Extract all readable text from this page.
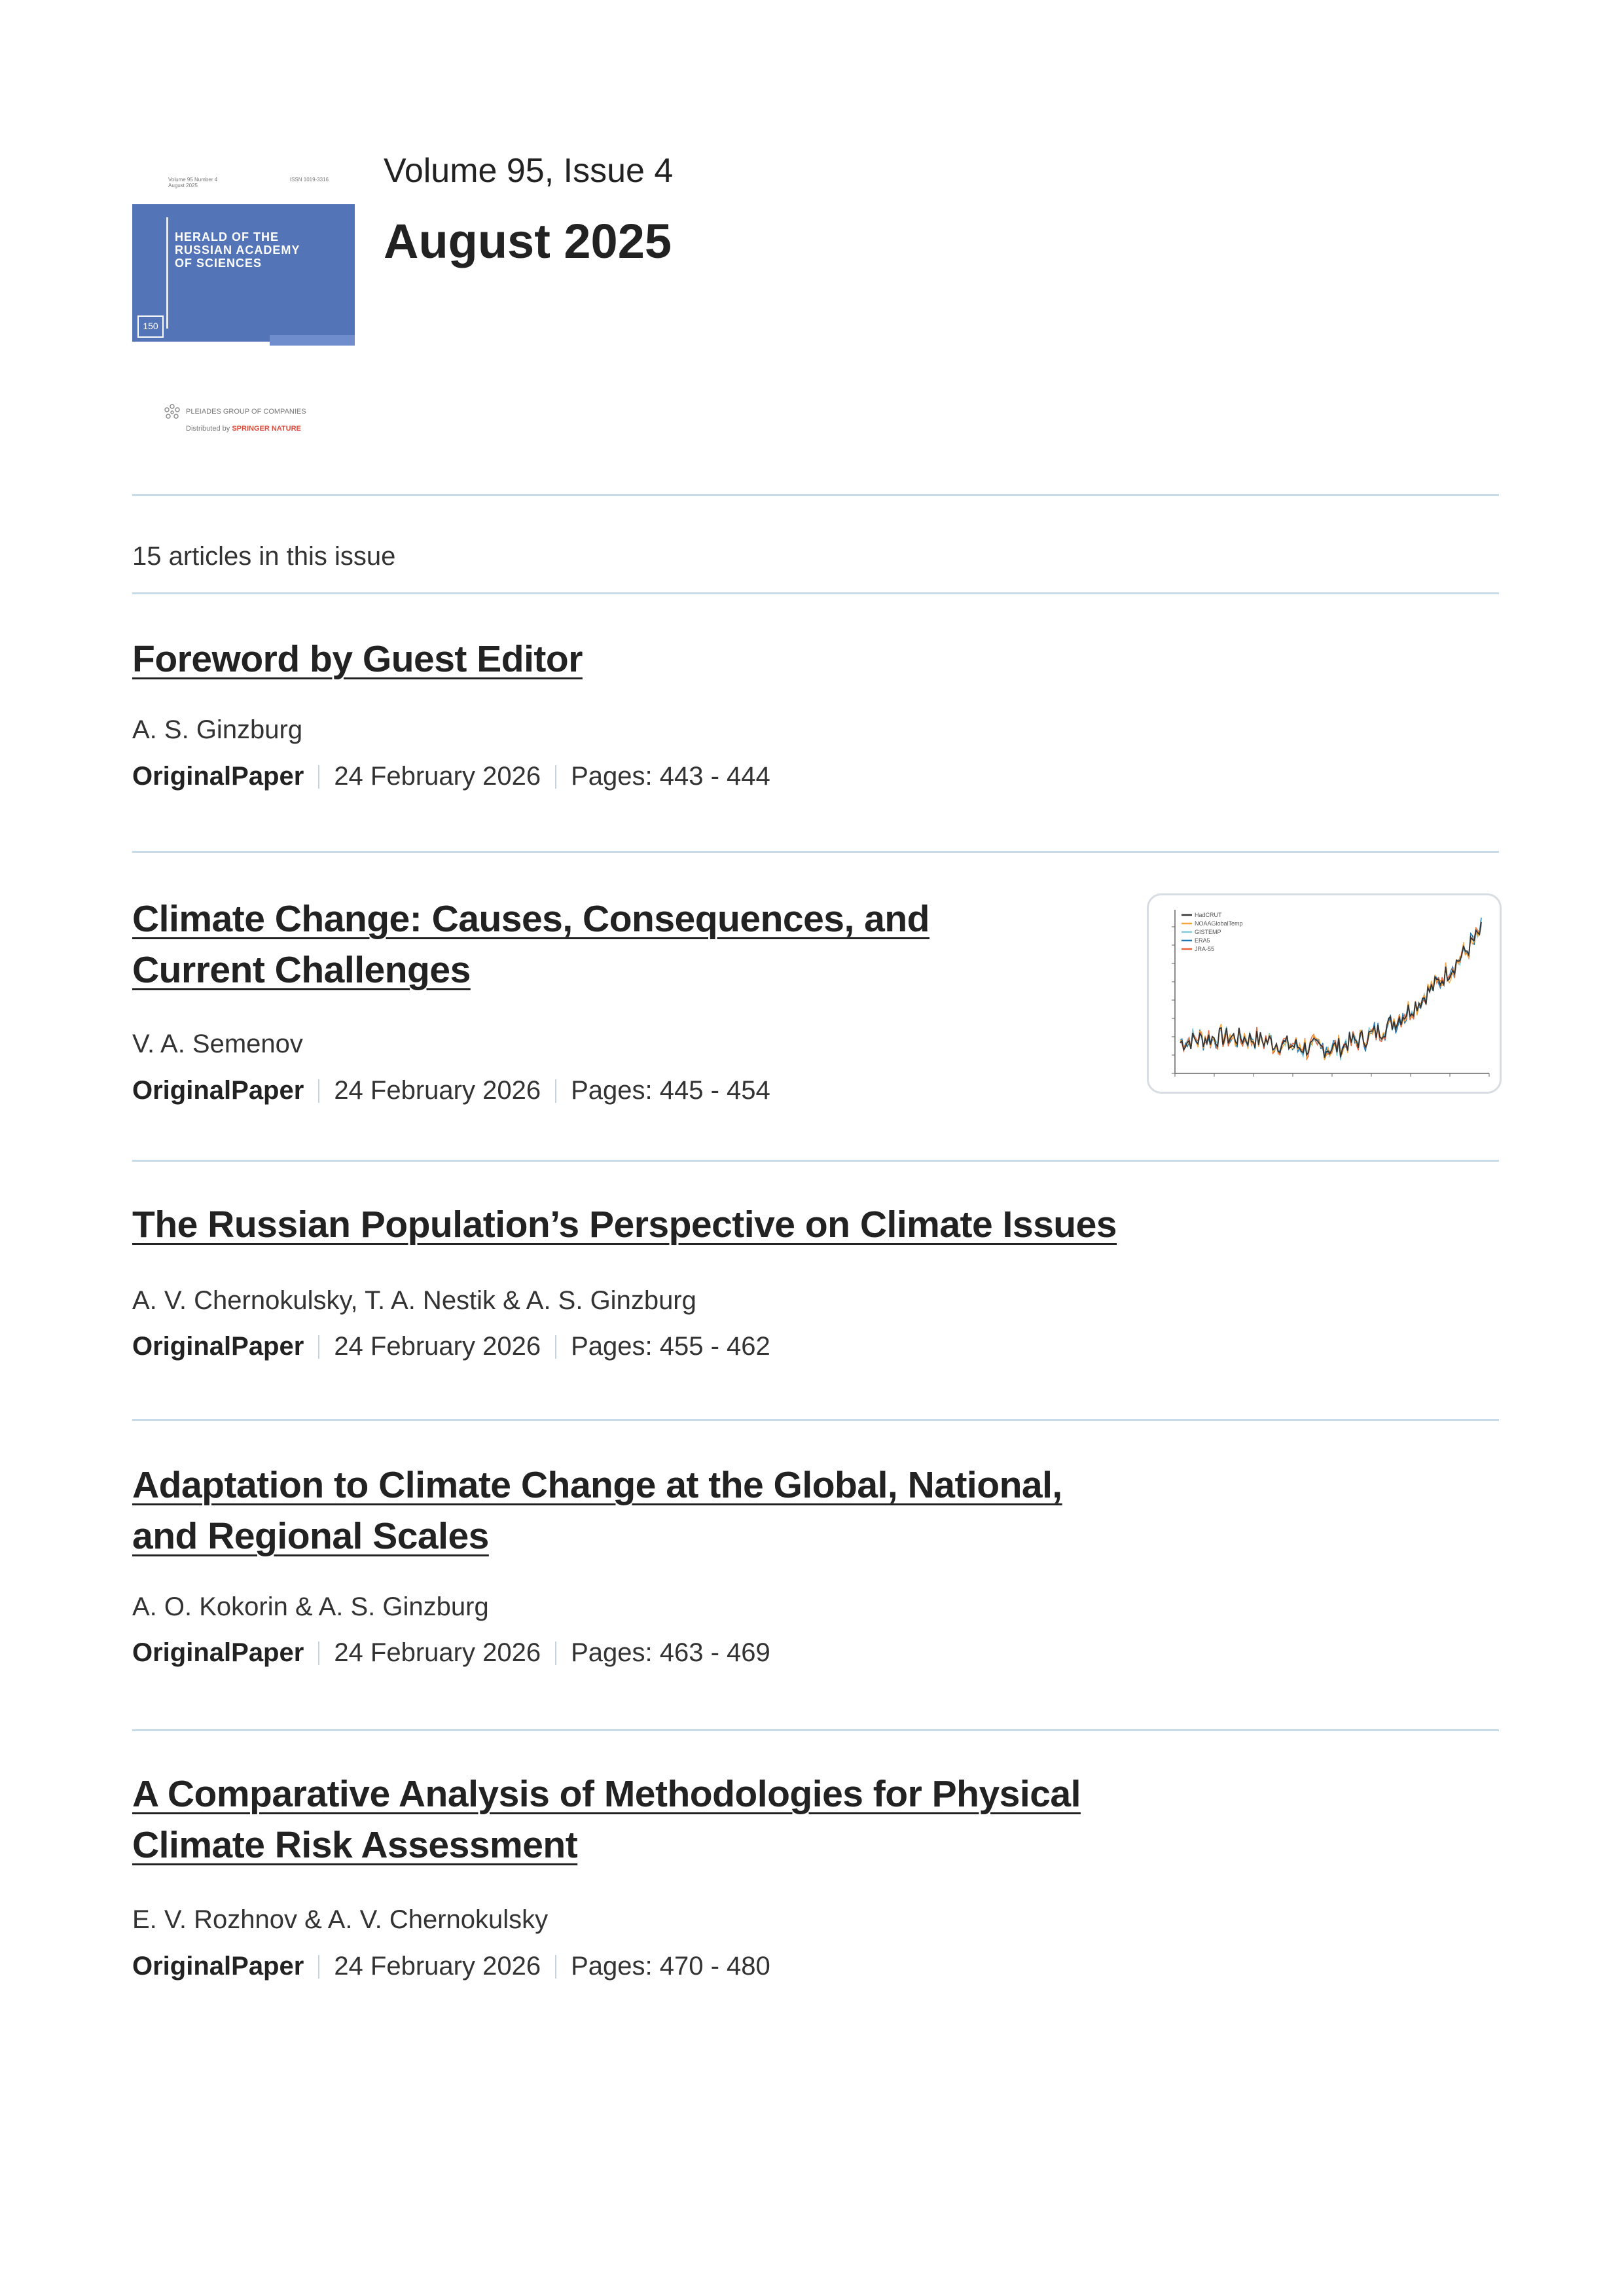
Volume 95 Number 4
August 2025
ISSN 1019-3316
HERALD OF THE
RUSSIAN ACADEMY
OF SCIENCES
150
PLEIADES GROUP OF COMPANIES
Distributed by SPRINGER NATURE
Volume 95, Issue 4
August 2025
15 articles in this issue
Foreword by Guest Editor
A. S. Ginzburg
OriginalPaper 24 February 2026 Pages: 443 - 444
Climate Change: Causes, Consequences, and Current Challenges
V. A. Semenov
OriginalPaper 24 February 2026 Pages: 445 - 454
HadCRUT
NOAAGlobalTemp
GISTEMP
ERA5
JRA-55
The Russian Population’s Perspective on Climate Issues
A. V. Chernokulsky, T. A. Nestik & A. S. Ginzburg
OriginalPaper 24 February 2026 Pages: 455 - 462
Adaptation to Climate Change at the Global, National, and Regional Scales
A. O. Kokorin & A. S. Ginzburg
OriginalPaper 24 February 2026 Pages: 463 - 469
A Comparative Analysis of Methodologies for Physical Climate Risk Assessment
E. V. Rozhnov & A. V. Chernokulsky
OriginalPaper 24 February 2026 Pages: 470 - 480
